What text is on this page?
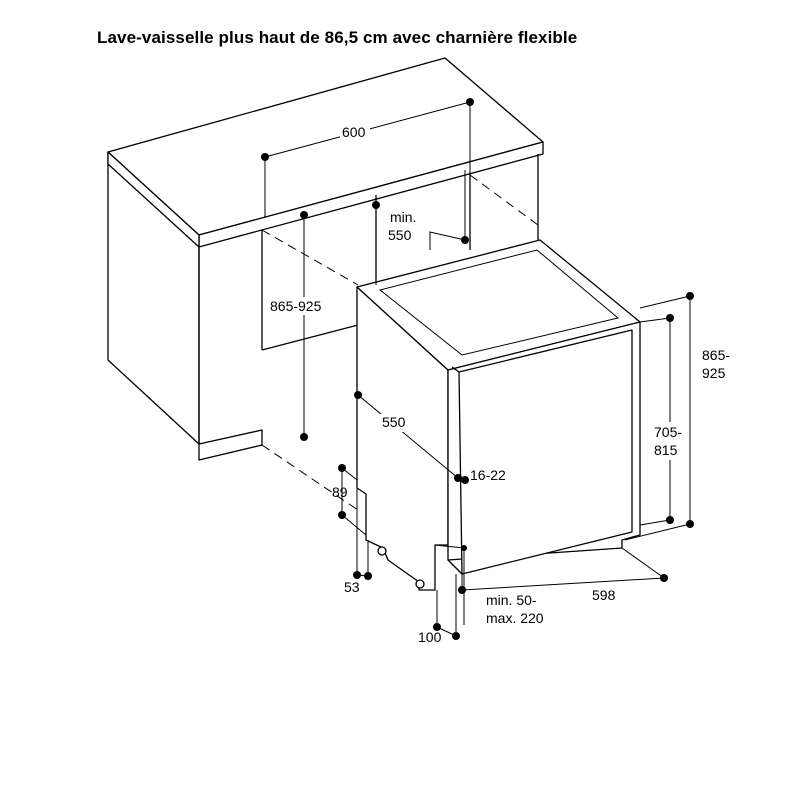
Lave-vaisselle plus haut de 86,5 cm avec charnière flexible
600
min.
550
865-925
550
16-22
865-
925
705-
815
89
53
100
min. 50-
max. 220
598
